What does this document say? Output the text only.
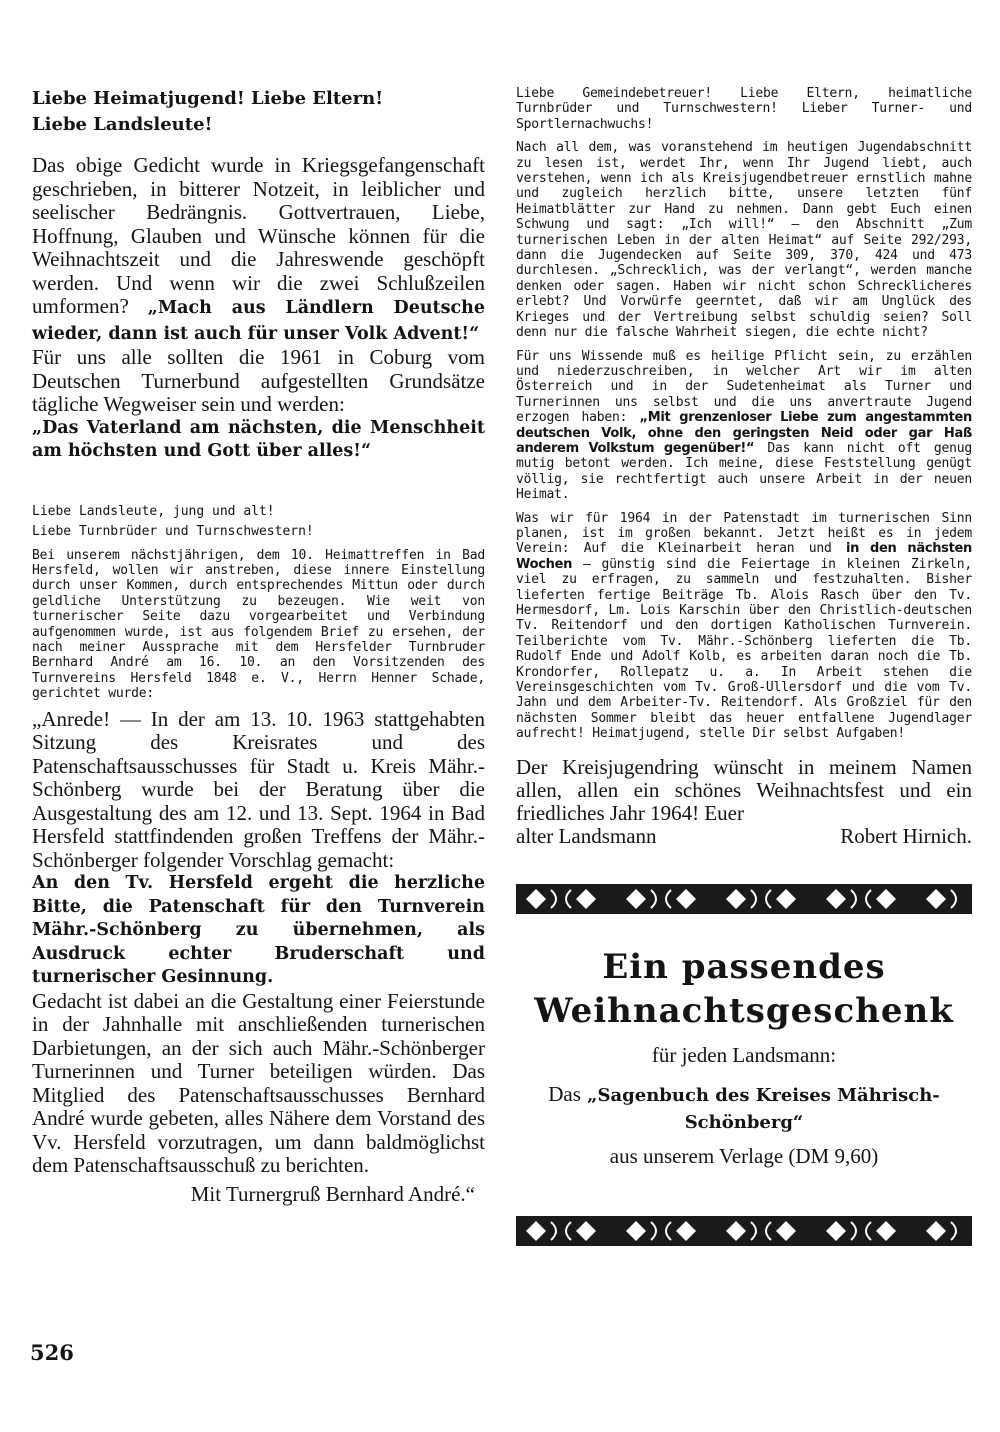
Liebe Heimatjugend! Liebe Eltern!

Liebe Landsleute!

Das obige Gedicht wurde in Kriegsgefangenschaft geschrieben, in bitterer Notzeit, in leiblicher und seelischer Bedrängnis. Gottvertrauen, Liebe, Hoffnung, Glauben und Wünsche können für die Weihnachtszeit und die Jahreswende geschöpft werden. Und wenn wir die zwei Schlußzeilen umformen? „Mach aus Ländlern Deutsche wieder, dann ist auch für unser Volk Advent!“

Für uns alle sollten die 1961 in Coburg vom Deutschen Turnerbund aufgestellten Grundsätze tägliche Wegweiser sein und werden:

„Das Vaterland am nächsten, die Menschheit am höchsten und Gott über alles!“

Liebe Landsleute, jung und alt!

Liebe Turnbrüder und Turnschwestern!

Bei unserem nächstjährigen, dem 10. Heimattreffen in Bad Hersfeld, wollen wir anstreben, diese innere Einstellung durch unser Kommen, durch entsprechendes Mittun oder durch geldliche Unterstützung zu bezeugen. Wie weit von turnerischer Seite dazu vorgearbeitet und Verbindung aufgenommen wurde, ist aus folgendem Brief zu ersehen, der nach meiner Aussprache mit dem Hersfelder Turnbruder Bernhard André am 16. 10. an den Vorsitzenden des Turnvereins Hersfeld 1848 e. V., Herrn Henner Schade, gerichtet wurde:

„Anrede! — In der am 13. 10. 1963 stattgehabten Sitzung des Kreisrates und des Patenschaftsausschusses für Stadt u. Kreis Mähr.-Schönberg wurde bei der Beratung über die Ausgestaltung des am 12. und 13. Sept. 1964 in Bad Hersfeld stattfindenden großen Treffens der Mähr.-Schönberger folgender Vorschlag gemacht:

An den Tv. Hersfeld ergeht die herzliche Bitte, die Patenschaft für den Turnverein Mähr.-Schönberg zu übernehmen, als Ausdruck echter Bruderschaft und turnerischer Gesinnung.

Gedacht ist dabei an die Gestaltung einer Feierstunde in der Jahnhalle mit anschließenden turnerischen Darbietungen, an der sich auch Mähr.-Schönberger Turnerinnen und Turner beteiligen würden. Das Mitglied des Patenschaftsausschusses Bernhard André wurde gebeten, alles Nähere dem Vorstand des Vv. Hersfeld vorzutragen, um dann baldmöglichst dem Patenschaftsausschuß zu berichten.

Mit Turnergruß Bernhard André.“

Liebe Gemeindebetreuer! Liebe Eltern, heimatliche Turnbrüder und Turnschwestern! Lieber Turner- und Sportlernachwuchs!

Nach all dem, was voranstehend im heutigen Jugendabschnitt zu lesen ist, werdet Ihr, wenn Ihr Jugend liebt, auch verstehen, wenn ich als Kreisjugendbetreuer ernstlich mahne und zugleich herzlich bitte, unsere letzten fünf Heimatblätter zur Hand zu nehmen. Dann gebt Euch einen Schwung und sagt: „Ich will!“ — den Abschnitt „Zum turnerischen Leben in der alten Heimat“ auf Seite 292/293, dann die Jugendecken auf Seite 309, 370, 424 und 473 durchlesen. „Schrecklich, was der verlangt“, werden manche denken oder sagen. Haben wir nicht schon Schrecklicheres erlebt? Und Vorwürfe geerntet, daß wir am Unglück des Krieges und der Vertreibung selbst schuldig seien? Soll denn nur die falsche Wahrheit siegen, die echte nicht?

Für uns Wissende muß es heilige Pflicht sein, zu erzählen und niederzuschreiben, in welcher Art wir im alten Österreich und in der Sudetenheimat als Turner und Turnerinnen uns selbst und die uns anvertraute Jugend erzogen haben: „Mit grenzenloser Liebe zum angestammten deutschen Volk, ohne den geringsten Neid oder gar Haß anderem Volkstum gegenüber!“ Das kann nicht oft genug mutig betont werden. Ich meine, diese Feststellung genügt völlig, sie rechtfertigt auch unsere Arbeit in der neuen Heimat.

Was wir für 1964 in der Patenstadt im turnerischen Sinn planen, ist im großen bekannt. Jetzt heißt es in jedem Verein: Auf die Kleinarbeit heran und in den nächsten Wochen — günstig sind die Feiertage in kleinen Zirkeln, viel zu erfragen, zu sammeln und festzuhalten. Bisher lieferten fertige Beiträge Tb. Alois Rasch über den Tv. Hermesdorf, Lm. Lois Karschin über den Christlich-deutschen Tv. Reitendorf und den dortigen Katholischen Turnverein. Teilberichte vom Tv. Mähr.-Schönberg lieferten die Tb. Rudolf Ende und Adolf Kolb, es arbeiten daran noch die Tb. Krondorfer, Rollepatz u. a. In Arbeit stehen die Vereinsgeschichten vom Tv. Groß-Ullersdorf und die vom Tv. Jahn und dem Arbeiter-Tv. Reitendorf. Als Großziel für den nächsten Sommer bleibt das heuer entfallene Jugendlager aufrecht! Heimatjugend, stelle Dir selbst Aufgaben!

Der Kreisjugendring wünscht in meinem Namen allen, allen ein schönes Weihnachtsfest und ein friedliches Jahr 1964! Euer

alter Landsmann	Robert Hirnich.
Ein passendes
Weihnachtsgeschenk
für jeden Landsmann:
Das „Sagenbuch des Kreises Mährisch-Schönberg“
aus unserem Verlage (DM 9,60)
526
